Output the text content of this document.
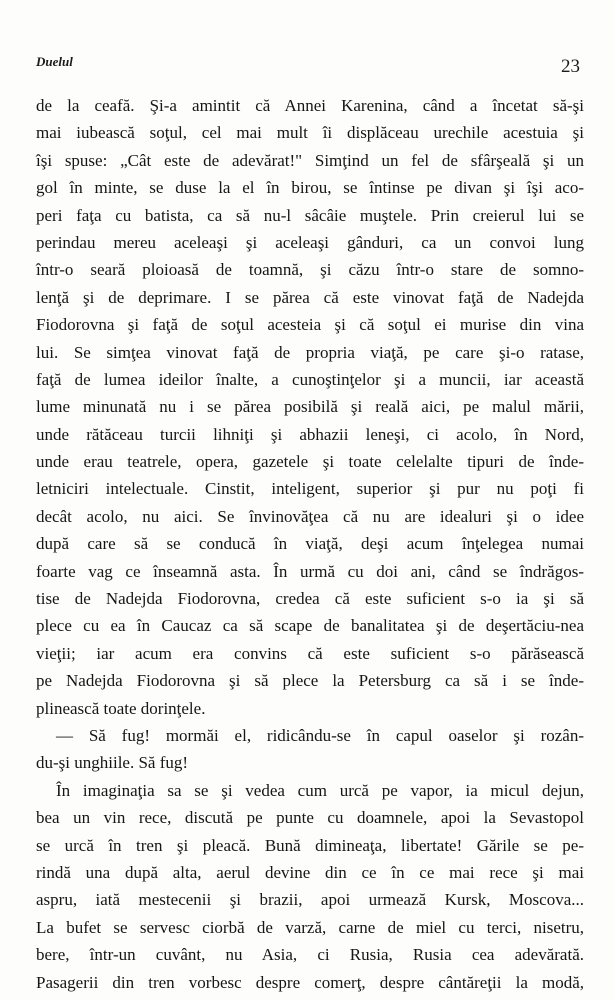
Duelul	23
de la ceafă. Şi-a amintit că Annei Karenina, când a încetat să-şi
mai iubească soţul, cel mai mult îi displăceau urechile acestuia şi
îşi spuse: „Cât este de adevărat!" Simţind un fel de sfârşeală şi un
gol în minte, se duse la el în birou, se întinse pe divan şi îşi aco-
peri faţa cu batista, ca să nu-l sâcâie muştele. Prin creierul lui se
perindau mereu aceleaşi şi aceleaşi gânduri, ca un convoi lung
într-o seară ploioasă de toamnă, şi căzu într-o stare de somno-
lenţă şi de deprimare. I se părea că este vinovat faţă de Nadejda
Fiodorovna şi faţă de soţul acesteia şi că soţul ei murise din vina
lui. Se simţea vinovat faţă de propria viaţă, pe care şi-o ratase,
faţă de lumea ideilor înalte, a cunoştinţelor şi a muncii, iar această
lume minunată nu i se părea posibilă şi reală aici, pe malul mării,
unde rătăceau turcii lihniţi şi abhazii leneşi, ci acolo, în Nord,
unde erau teatrele, opera, gazetele şi toate celelalte tipuri de înde-
letniciri intelectuale. Cinstit, inteligent, superior şi pur nu poţi fi
decât acolo, nu aici. Se învinovăţea că nu are idealuri şi o idee
după care să se conducă în viaţă, deşi acum înţelegea numai
foarte vag ce înseamnă asta. În urmă cu doi ani, când se îndrăgos-
tise de Nadejda Fiodorovna, credea că este suficient s-o ia şi să
plece cu ea în Caucaz ca să scape de banalitatea şi de deşertăciu-nea
vieţii; iar acum era convins că este suficient s-o părăsească
pe Nadejda Fiodorovna şi să plece la Petersburg ca să i se înde-
plinească toate dorinţele.
— Să fug! mormăi el, ridicându-se în capul oaselor şi rozân-
du-şi unghiile. Să fug!
În imaginaţia sa se şi vedea cum urcă pe vapor, ia micul dejun,
bea un vin rece, discută pe punte cu doamnele, apoi la Sevastopol
se urcă în tren şi pleacă. Bună dimineaţa, libertate! Gările se pe-
rindă una după alta, aerul devine din ce în ce mai rece şi mai
aspru, iată mestecenii şi brazii, apoi urmează Kursk, Moscova...
La bufet se servesc ciorbă de varză, carne de miel cu terci, nisetru,
bere, într-un cuvânt, nu Asia, ci Rusia, Rusia cea adevărată.
Pasagerii din tren vorbesc despre comerţ, despre cântăreţii la modă,
